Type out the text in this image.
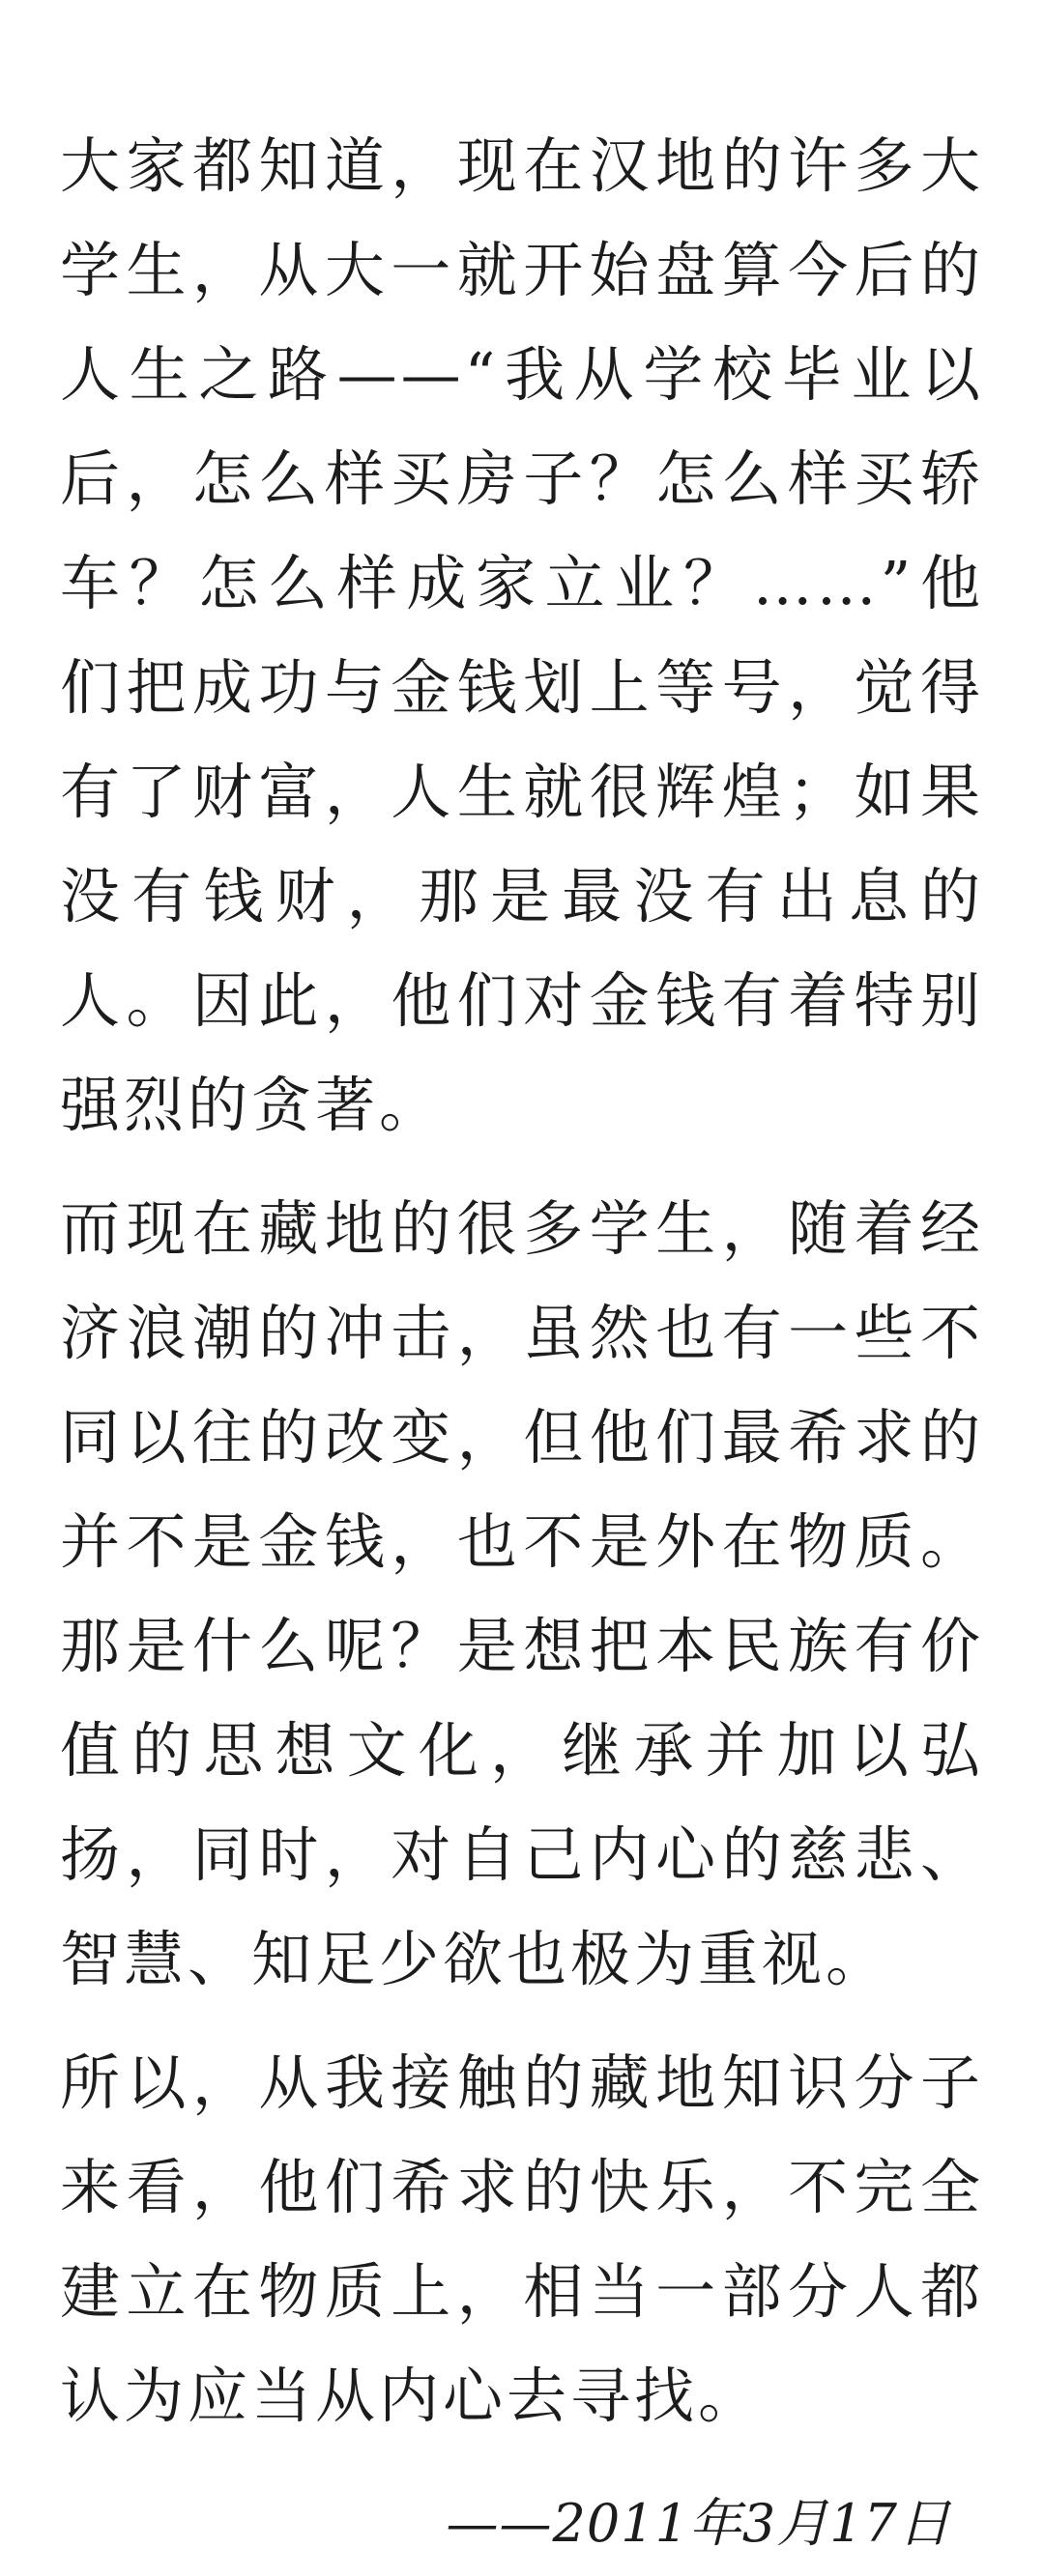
大家都知道，现在汉地的许多大学生，从大一就开始盘算今后的人生之路——“我从学校毕业以后，怎么样买房子？怎么样买轿车？怎么样成家立业？……”他们把成功与金钱划上等号，觉得有了财富，人生就很辉煌；如果没有钱财，那是最没有出息的人。因此，他们对金钱有着特别强烈的贪著。

而现在藏地的很多学生，随着经济浪潮的冲击，虽然也有一些不同以往的改变，但他们最希求的并不是金钱，也不是外在物质。那是什么呢？是想把本民族有价值的思想文化，继承并加以弘扬，同时，对自己内心的慈悲、智慧、知足少欲也极为重视。

所以，从我接触的藏地知识分子来看，他们希求的快乐，不完全建立在物质上，相当一部分人都认为应当从内心去寻找。

——2011年3月17日
